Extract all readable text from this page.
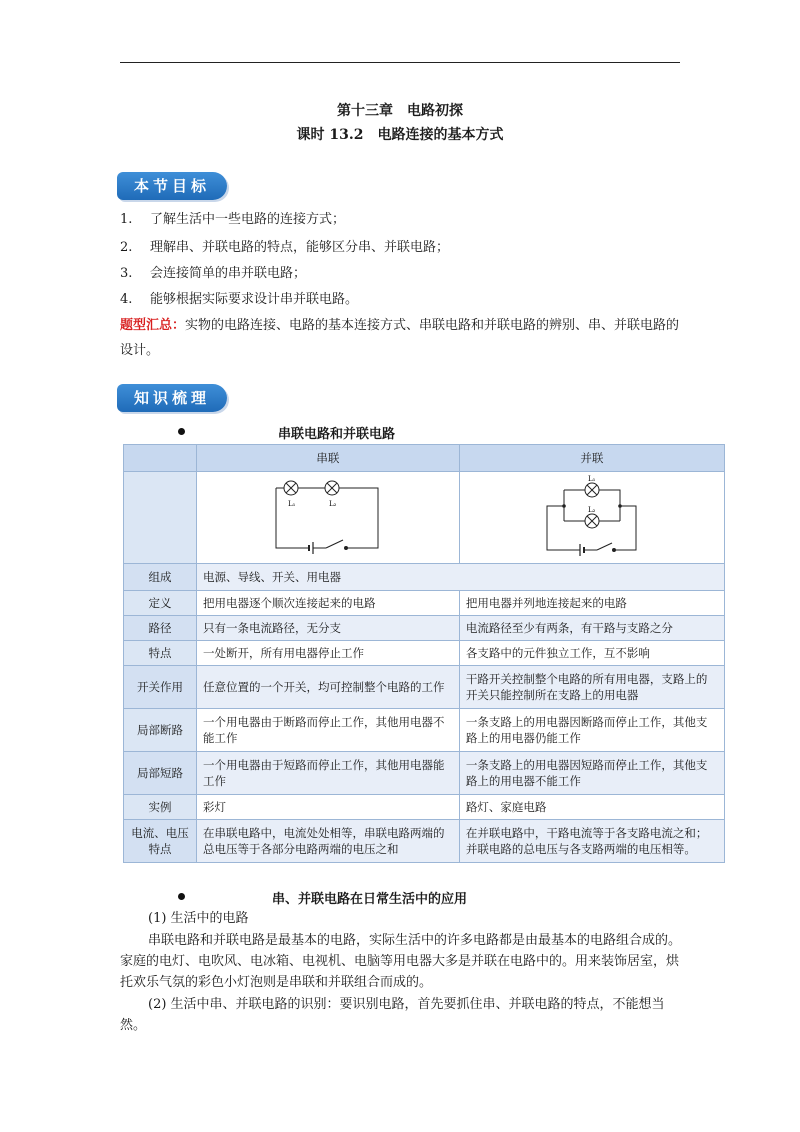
第十三章　电路初探
课时 13.2　电路连接的基本方式
本节目标
1. 了解生活中一些电路的连接方式；
2. 理解串、并联电路的特点，能够区分串、并联电路；
3. 会连接简单的串并联电路；
4. 能够根据实际要求设计串并联电路。
题型汇总：实物的电路连接、电路的基本连接方式、串联电路和并联电路的辨别、串、并联电路的设计。
知识梳理
串联电路和并联电路
	串联	并联

L₁ L₂	L₁
L₂

组成	电源、导线、开关、用电器	
定义	把用电器逐个顺次连接起来的电路	把用电器并列地连接起来的电路
路径	只有一条电流路径，无分支	电流路径至少有两条，有干路与支路之分
特点	一处断开，所有用电器停止工作	各支路中的元件独立工作，互不影响
开关作用	任意位置的一个开关，均可控制整个电路的工作	干路开关控制整个电路的所有用电器，支路上的开关只能控制所在支路上的用电器
局部断路	一个用电器由于断路而停止工作，其他用电器不能工作	一条支路上的用电器因断路而停止工作，其他支路上的用电器仍能工作
局部短路	一个用电器由于短路而停止工作，其他用电器能工作	一条支路上的用电器因短路而停止工作，其他支路上的用电器不能工作
实例	彩灯	路灯、家庭电路
电流、电压特点	在串联电路中，电流处处相等，串联电路两端的总电压等于各部分电路两端的电压之和	在并联电路中，干路电流等于各支路电流之和；并联电路的总电压与各支路两端的电压相等。
串、并联电路在日常生活中的应用
(1) 生活中的电路
串联电路和并联电路是最基本的电路，实际生活中的许多电路都是由最基本的电路组合成的。家庭的电灯、电吹风、电冰箱、电视机、电脑等用电器大多是并联在电路中的。用来装饰居室，烘托欢乐气氛的彩色小灯泡则是串联和并联组合而成的。
(2) 生活中串、并联电路的识别：要识别电路，首先要抓住串、并联电路的特点，不能想当然。
